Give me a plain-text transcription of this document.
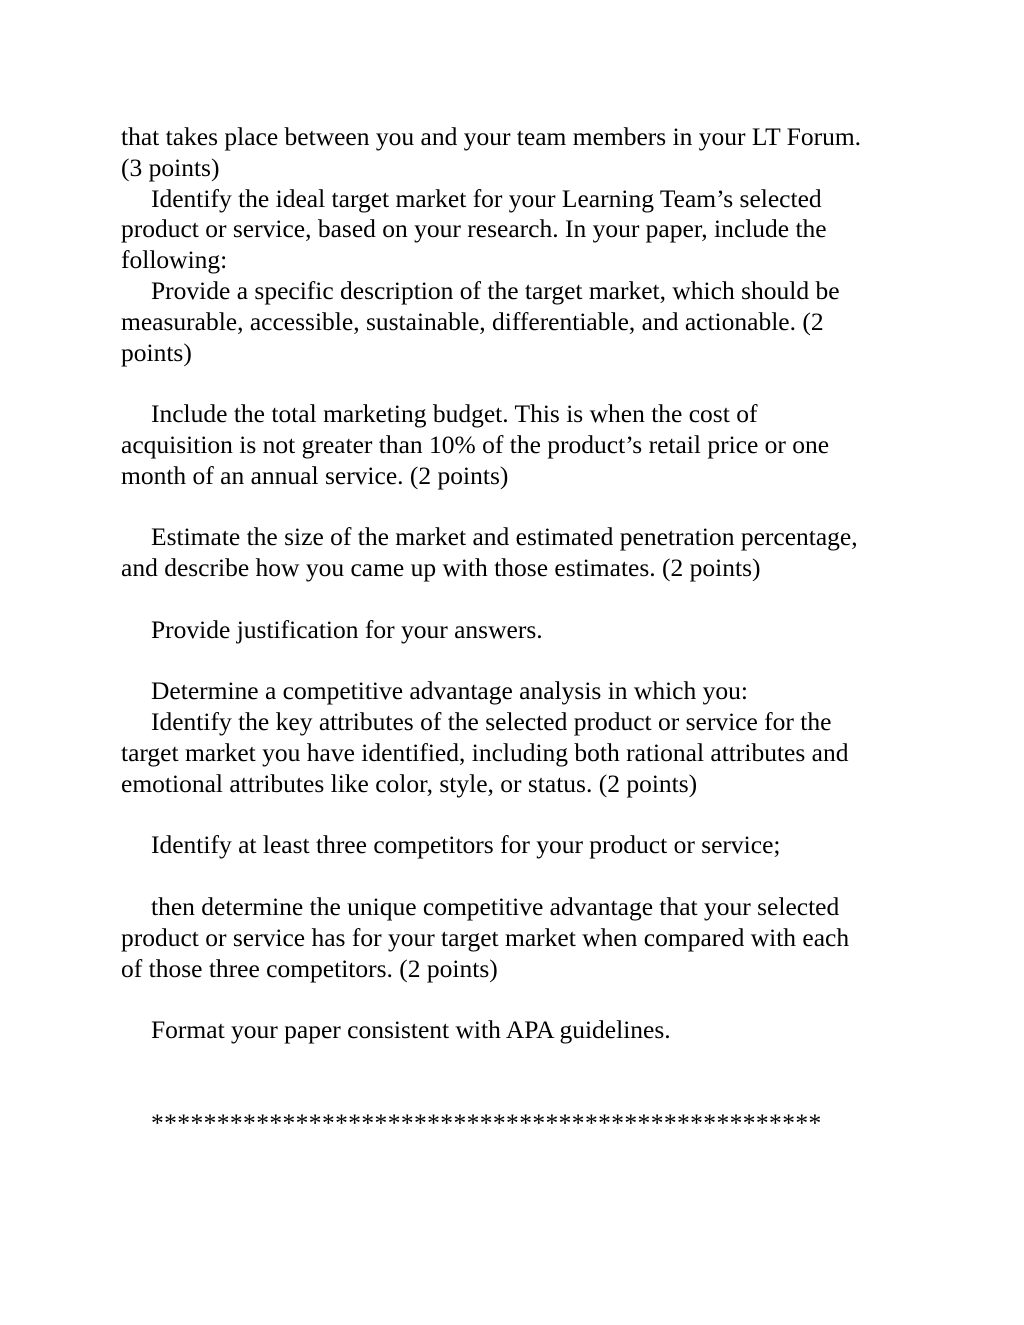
that takes place between you and your team members in your LT Forum.
(3 points)
Identify the ideal target market for your Learning Team’s selected
product or service, based on your research. In your paper, include the
following:
Provide a specific description of the target market, which should be
measurable, accessible, sustainable, differentiable, and actionable. (2
points)
Include the total marketing budget. This is when the cost of
acquisition is not greater than 10% of the product’s retail price or one
month of an annual service. (2 points)
Estimate the size of the market and estimated penetration percentage,
and describe how you came up with those estimates. (2 points)
Provide justification for your answers.
Determine a competitive advantage analysis in which you:
Identify the key attributes of the selected product or service for the
target market you have identified, including both rational attributes and
emotional attributes like color, style, or status. (2 points)
Identify at least three competitors for your product or service;
then determine the unique competitive advantage that your selected
product or service has for your target market when compared with each
of those three competitors. (2 points)
Format your paper consistent with APA guidelines.
***************************************************
